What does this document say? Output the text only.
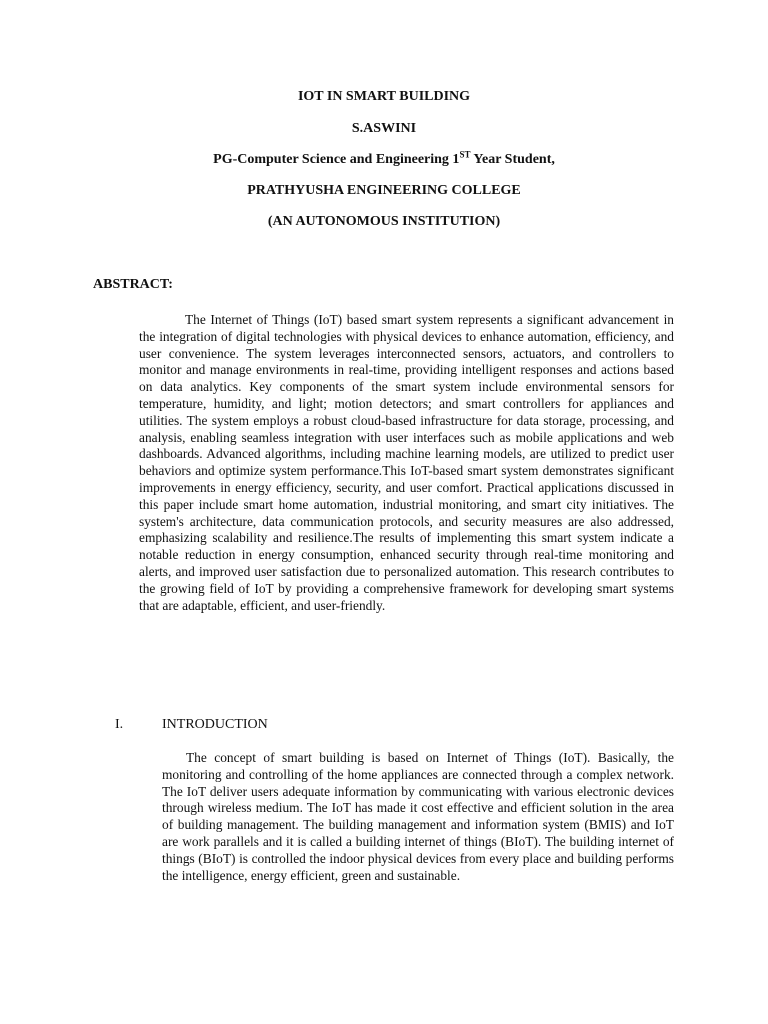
IOT IN SMART BUILDING
S.ASWINI
PG-Computer Science and Engineering 1ST Year Student,
PRATHYUSHA ENGINEERING COLLEGE
(AN AUTONOMOUS INSTITUTION)
ABSTRACT:

The Internet of Things (IoT) based smart system represents a significant advancement in the integration of digital technologies with physical devices to enhance automation, efficiency, and user convenience. The system leverages interconnected sensors, actuators, and controllers to monitor and manage environments in real-time, providing intelligent responses and actions based on data analytics. Key components of the smart system include environmental sensors for temperature, humidity, and light; motion detectors; and smart controllers for appliances and utilities. The system employs a robust cloud-based infrastructure for data storage, processing, and analysis, enabling seamless integration with user interfaces such as mobile applications and web dashboards. Advanced algorithms, including machine learning models, are utilized to predict user behaviors and optimize system performance.This IoT-based smart system demonstrates significant improvements in energy efficiency, security, and user comfort. Practical applications discussed in this paper include smart home automation, industrial monitoring, and smart city initiatives. The system's architecture, data communication protocols, and security measures are also addressed, emphasizing scalability and resilience.The results of implementing this smart system indicate a notable reduction in energy consumption, enhanced security through real-time monitoring and alerts, and improved user satisfaction due to personalized automation. This research contributes to the growing field of IoT by providing a comprehensive framework for developing smart systems that are adaptable, efficient, and user-friendly.

I.	INTRODUCTION

The concept of smart building is based on Internet of Things (IoT). Basically, the monitoring and controlling of the home appliances are connected through a complex network. The IoT deliver users adequate information by communicating with various electronic devices through wireless medium. The IoT has made it cost effective and efficient solution in the area of building management. The building management and information system (BMIS) and IoT are work parallels and it is called a building internet of things (BIoT). The building internet of things (BIoT) is controlled the indoor physical devices from every place and building performs the intelligence, energy efficient, green and sustainable.
